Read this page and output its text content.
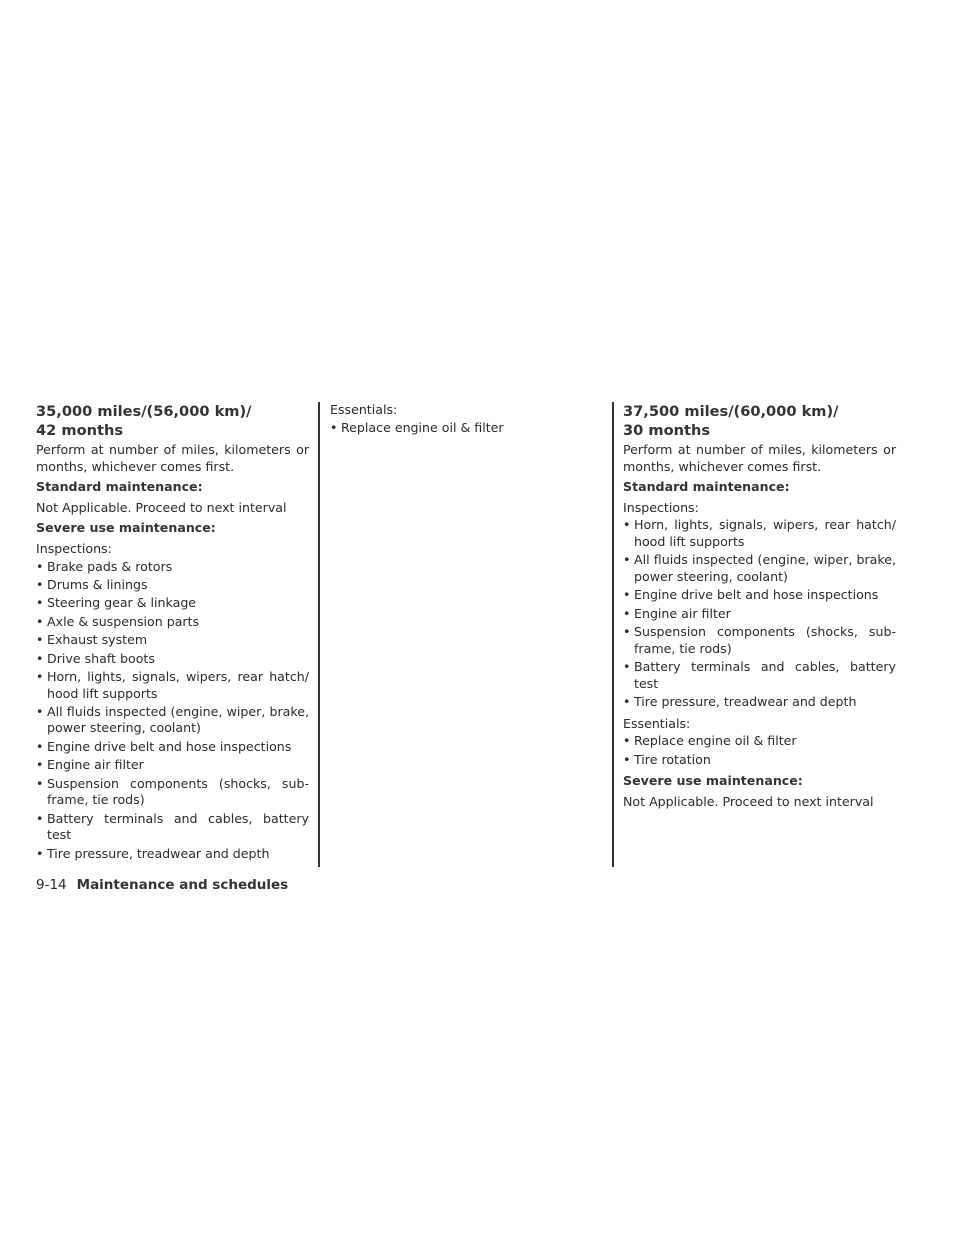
35,000 miles/(56,000 km)/
42 months

Perform at number of miles, kilometers or months, whichever comes first.

Standard maintenance:

Not Applicable. Proceed to next interval

Severe use maintenance:

Inspections:

• Brake pads & rotors
• Drums & linings
• Steering gear & linkage
• Axle & suspension parts
• Exhaust system
• Drive shaft boots
• Horn, lights, signals, wipers, rear hatch/ hood lift supports
• All fluids inspected (engine, wiper, brake, power steering, coolant)
• Engine drive belt and hose inspections
• Engine air filter
• Suspension components (shocks, sub-frame, tie rods)
• Battery terminals and cables, battery test
• Tire pressure, treadwear and depth

Essentials:

• Replace engine oil & filter
37,500 miles/(60,000 km)/
30 months

Perform at number of miles, kilometers or months, whichever comes first.

Standard maintenance:

Inspections:

• Horn, lights, signals, wipers, rear hatch/ hood lift supports
• All fluids inspected (engine, wiper, brake, power steering, coolant)
• Engine drive belt and hose inspections
• Engine air filter
• Suspension components (shocks, sub-frame, tie rods)
• Battery terminals and cables, battery test
• Tire pressure, treadwear and depth

Essentials:

• Replace engine oil & filter
• Tire rotation

Severe use maintenance:

Not Applicable. Proceed to next interval

9-14 Maintenance and schedules
